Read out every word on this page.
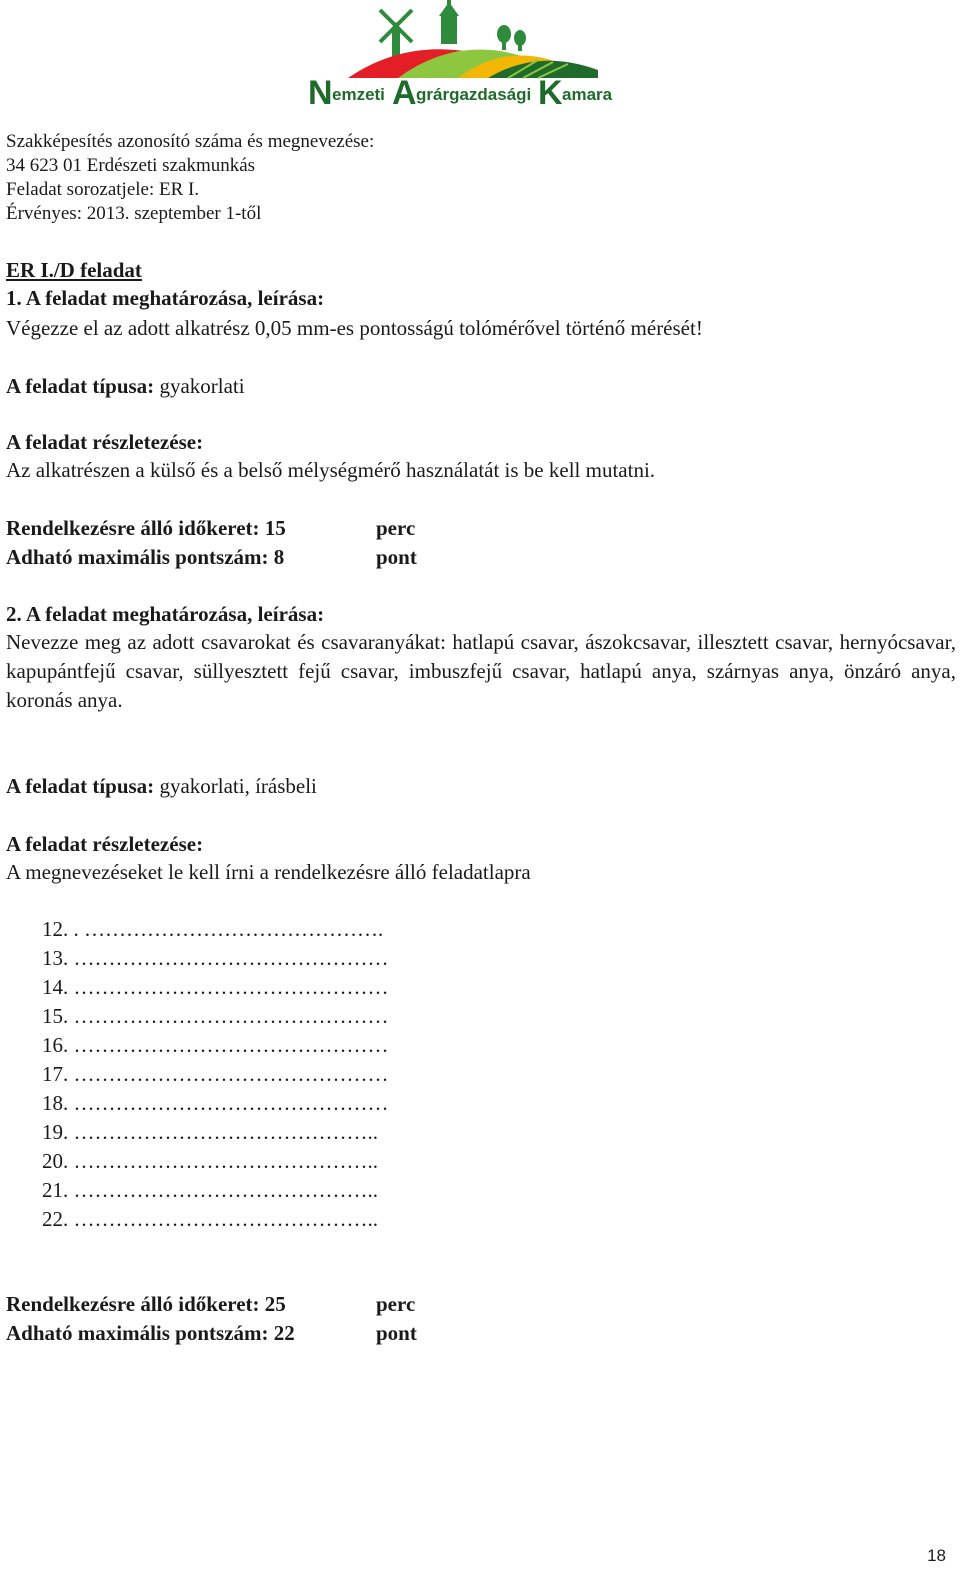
N emzeti A grárgazdasági K amara
Szakképesítés azonosító száma és megnevezése:
34 623 01 Erdészeti szakmunkás
Feladat sorozatjele: ER I.
Érvényes: 2013. szeptember 1-től
ER I./D feladat
1. A feladat meghatározása, leírása:
Végezze el az adott alkatrész 0,05 mm-es pontosságú tolómérővel történő mérését!
A feladat típusa: gyakorlati
A feladat részletezése:
Az alkatrészen a külső és a belső mélységmérő használatát is be kell mutatni.
Rendelkezésre álló időkeret: 15	perc
Adható maximális pontszám: 8	pont
2. A feladat meghatározása, leírása:
Nevezze meg az adott csavarokat és csavaranyákat: hatlapú csavar, ászokcsavar, illesztett csavar, hernyócsavar, kapupántfejű csavar, süllyesztett fejű csavar, imbuszfejű csavar, hatlapú anya, szárnyas anya, önzáró anya, koronás anya.
A feladat típusa: gyakorlati, írásbeli
A feladat részletezése:
A megnevezéseket le kell írni a rendelkezésre álló feladatlapra
12. . …………………………………….
13. ………………………………………
14. ………………………………………
15. ………………………………………
16. ………………………………………
17. ………………………………………
18. ………………………………………
19. ……………………………………..
20. ……………………………………..
21. ……………………………………..
22. ……………………………………..
Rendelkezésre álló időkeret: 25	perc
Adható maximális pontszám: 22	pont
18
